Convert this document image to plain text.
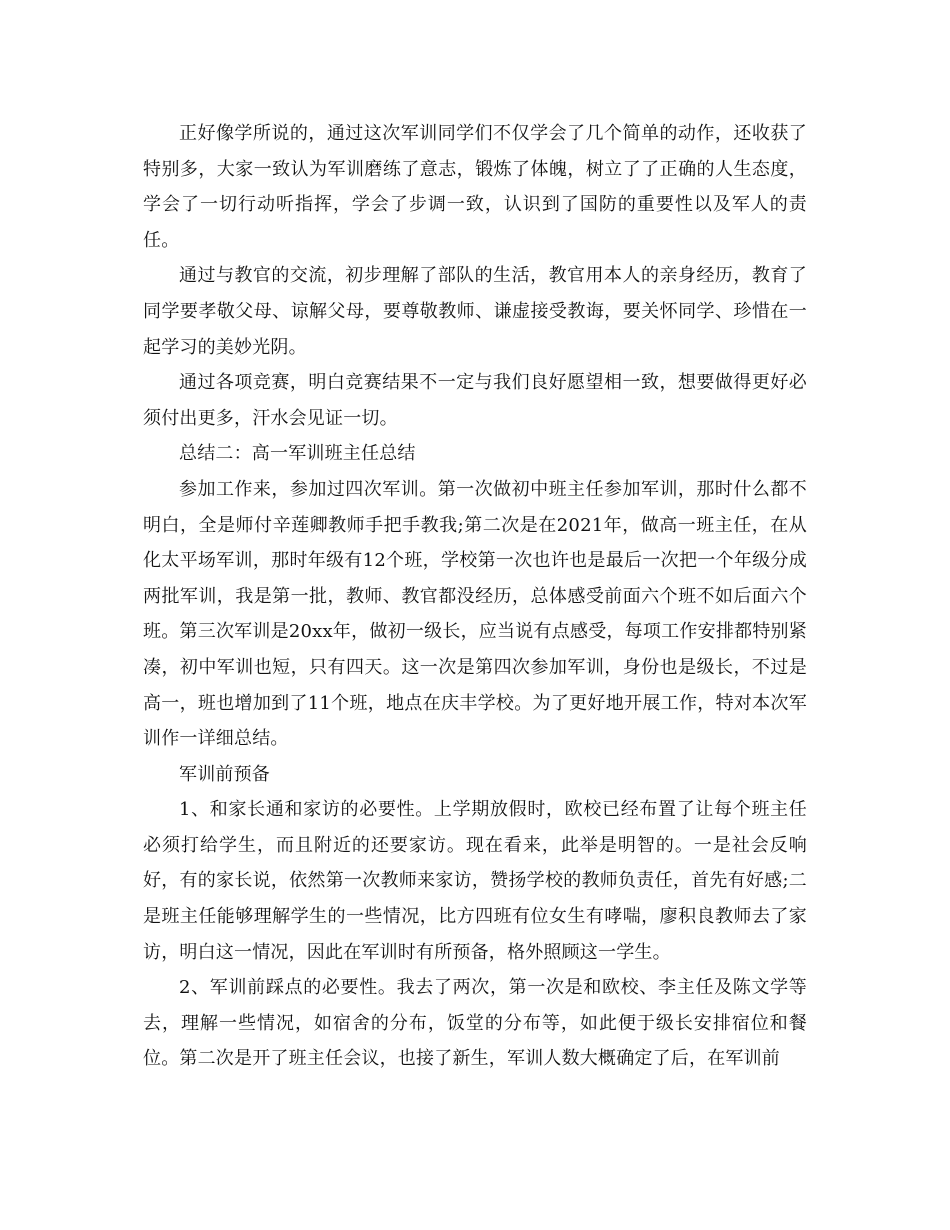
正好像学所说的，通过这次军训同学们不仅学会了几个简单的动作，还收获了特别多，大家一致认为军训磨练了意志，锻炼了体魄，树立了了正确的人生态度，学会了一切行动听指挥，学会了步调一致，认识到了国防的重要性以及军人的责任。

通过与教官的交流，初步理解了部队的生活，教官用本人的亲身经历，教育了同学要孝敬父母、谅解父母，要尊敬教师、谦虚接受教诲，要关怀同学、珍惜在一起学习的美妙光阴。

通过各项竞赛，明白竞赛结果不一定与我们良好愿望相一致，想要做得更好必须付出更多，汗水会见证一切。

总结二：高一军训班主任总结

参加工作来，参加过四次军训。第一次做初中班主任参加军训，那时什么都不明白，全是师付辛莲卿教师手把手教我;第二次是在2021年，做高一班主任，在从化太平场军训，那时年级有12个班，学校第一次也许也是最后一次把一个年级分成两批军训，我是第一批，教师、教官都没经历，总体感受前面六个班不如后面六个班。第三次军训是20xx年，做初一级长，应当说有点感受，每项工作安排都特别紧凑，初中军训也短，只有四天。这一次是第四次参加军训，身份也是级长，不过是高一，班也增加到了11个班，地点在庆丰学校。为了更好地开展工作，特对本次军训作一详细总结。

军训前预备

1、和家长通和家访的必要性。上学期放假时，欧校已经布置了让每个班主任必须打给学生，而且附近的还要家访。现在看来，此举是明智的。一是社会反响好，有的家长说，依然第一次教师来家访，赞扬学校的教师负责任，首先有好感;二是班主任能够理解学生的一些情况，比方四班有位女生有哮喘，廖积良教师去了家访，明白这一情况，因此在军训时有所预备，格外照顾这一学生。

2、军训前踩点的必要性。我去了两次，第一次是和欧校、李主任及陈文学等去，理解一些情况，如宿舍的分布，饭堂的分布等，如此便于级长安排宿位和餐位。第二次是开了班主任会议，也接了新生，军训人数大概确定了后，在军训前
